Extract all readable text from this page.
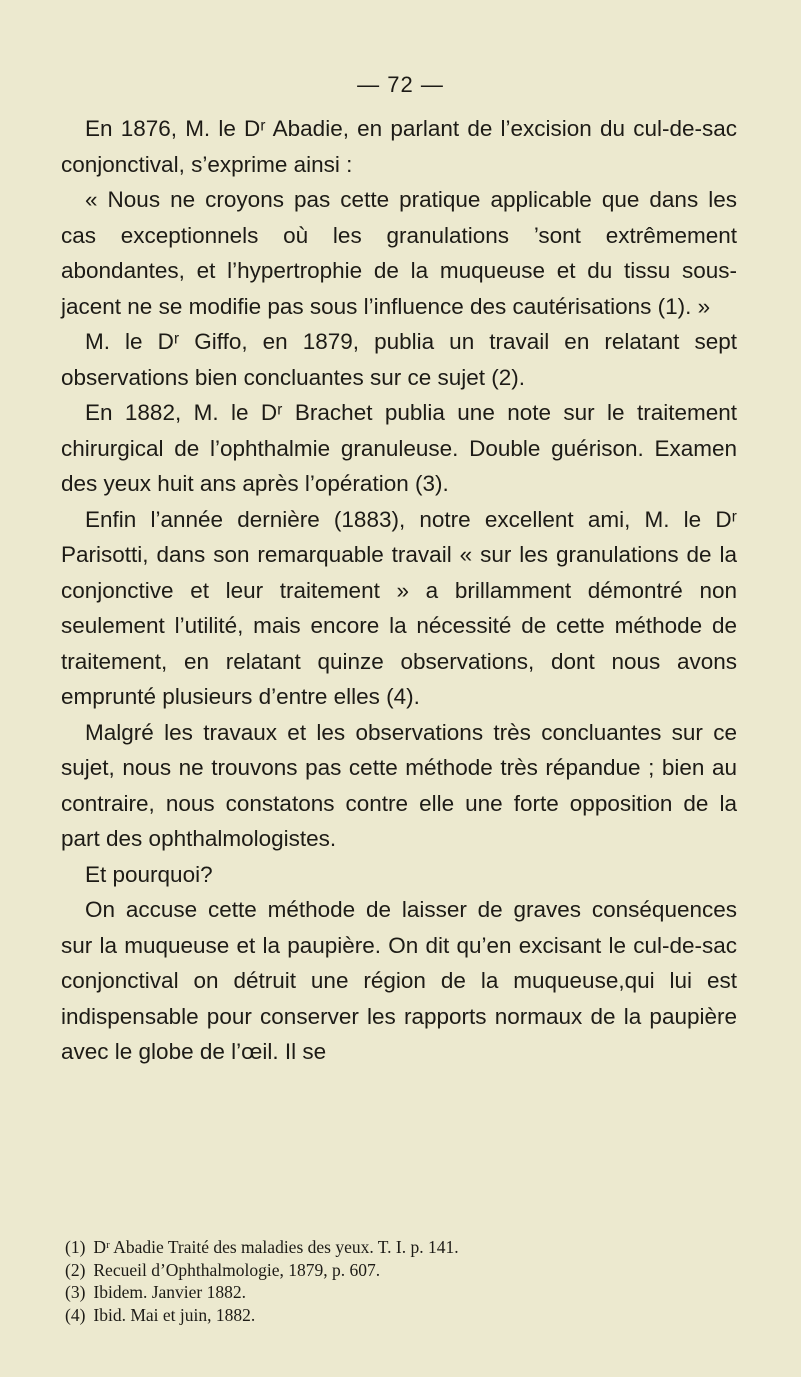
— 72 —

En 1876, M. le Dʳ Abadie, en parlant de l’excision du cul-de-sac conjonctival, s’exprime ainsi :

« Nous ne croyons pas cette pratique applicable que dans les cas exceptionnels où les granulations ’sont extrêmement abondantes, et l’hypertrophie de la muqueuse et du tissu sous-jacent ne se modifie pas sous l’influence des cautérisations (1). »

M. le Dʳ Giffo, en 1879, publia un travail en relatant sept observations bien concluantes sur ce sujet (2).

En 1882, M. le Dʳ Brachet publia une note sur le traitement chirurgical de l’ophthalmie granuleuse. Double guérison. Examen des yeux huit ans après l’opération (3).

Enfin l’année dernière (1883), notre excellent ami, M. le Dʳ Parisotti, dans son remarquable travail « sur les granulations de la conjonctive et leur traitement » a brillamment démontré non seulement l’utilité, mais encore la nécessité de cette méthode de traitement, en relatant quinze observations, dont nous avons emprunté plusieurs d’entre elles (4).

Malgré les travaux et les observations très concluantes sur ce sujet, nous ne trouvons pas cette méthode très répandue ; bien au contraire, nous constatons contre elle une forte opposition de la part des ophthalmologistes.

Et pourquoi?

On accuse cette méthode de laisser de graves conséquences sur la muqueuse et la paupière. On dit qu’en excisant le cul-de-sac conjonctival on détruit une région de la muqueuse,qui lui est indispensable pour conserver les rapports normaux de la paupière avec le globe de l’œil. Il se

(1) Dʳ Abadie Traité des maladies des yeux. T. I. p. 141.

(2) Recueil d’Ophthalmologie, 1879, p. 607.

(3) Ibidem. Janvier 1882.

(4) Ibid. Mai et juin, 1882.
